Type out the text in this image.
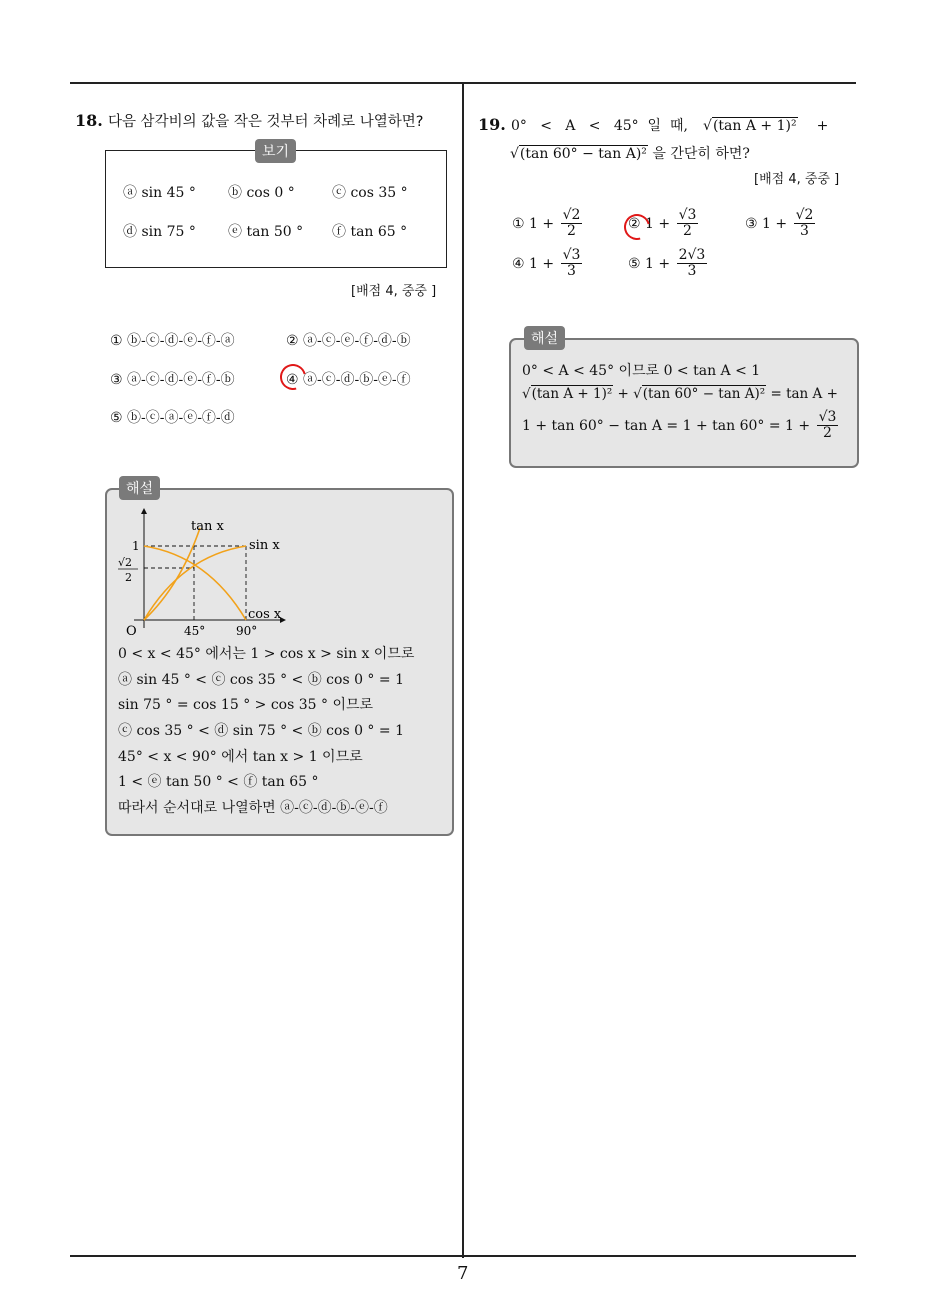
18. 다음 삼각비의 값을 작은 것부터 차례로 나열하면?
보기
ⓐ sin 45 ° ⓑ cos 0 °	ⓒ cos 35 °
ⓓ sin 75 ° ⓔ tan 50 ° ⓕ tan 65 °
[배점 4, 중중 ]
① ⓑ-ⓒ-ⓓ-ⓔ-ⓕ-ⓐ	② ⓐ-ⓒ-ⓔ-ⓕ-ⓓ-ⓑ
③ ⓐ-ⓒ-ⓓ-ⓔ-ⓕ-ⓑ	④ ⓐ-ⓒ-ⓓ-ⓑ-ⓔ-ⓕ
⑤ ⓑ-ⓒ-ⓐ-ⓔ-ⓕ-ⓓ
해설
tan x
sin x
cos x
1
√2
2
O	45°	90°
0 < x < 45° 에서는 1 > cos x > sin x 이므로
ⓐ sin 45 ° < ⓒ cos 35 ° < ⓑ cos 0 ° = 1
sin 75 ° = cos 15 ° > cos 35 ° 이므로
ⓒ cos 35 ° < ⓓ sin 75 ° < ⓑ cos 0 ° = 1
45° < x < 90° 에서 tan x > 1 이므로
1 < ⓔ tan 50 ° < ⓕ tan 65 °
따라서 순서대로 나열하면 ⓐ-ⓒ-ⓓ-ⓑ-ⓔ-ⓕ
19. 0°   <   A   <   45°  일  때, √(tan A + 1)² +
√(tan 60° − tan A)² 을 간단히 하면?
[배점 4, 중중 ]
① $1 + \frac{√2}{2}$	② $1 + \frac{√3}{2}$	③ $1 + \frac{√2}{3}$
④ $1 + \frac{√3}{3}$	⑤ $1 + \frac{2√3}{3}$
해설
0° < A < 45° 이므로 0 < tan A < 1
√(tan A + 1)² + √(tan 60° − tan A)² = tan A +
$1 + \tan 60^\circ - \tan A = 1 + \tan 60^\circ = 1 + \frac{√3}{2}$
7
